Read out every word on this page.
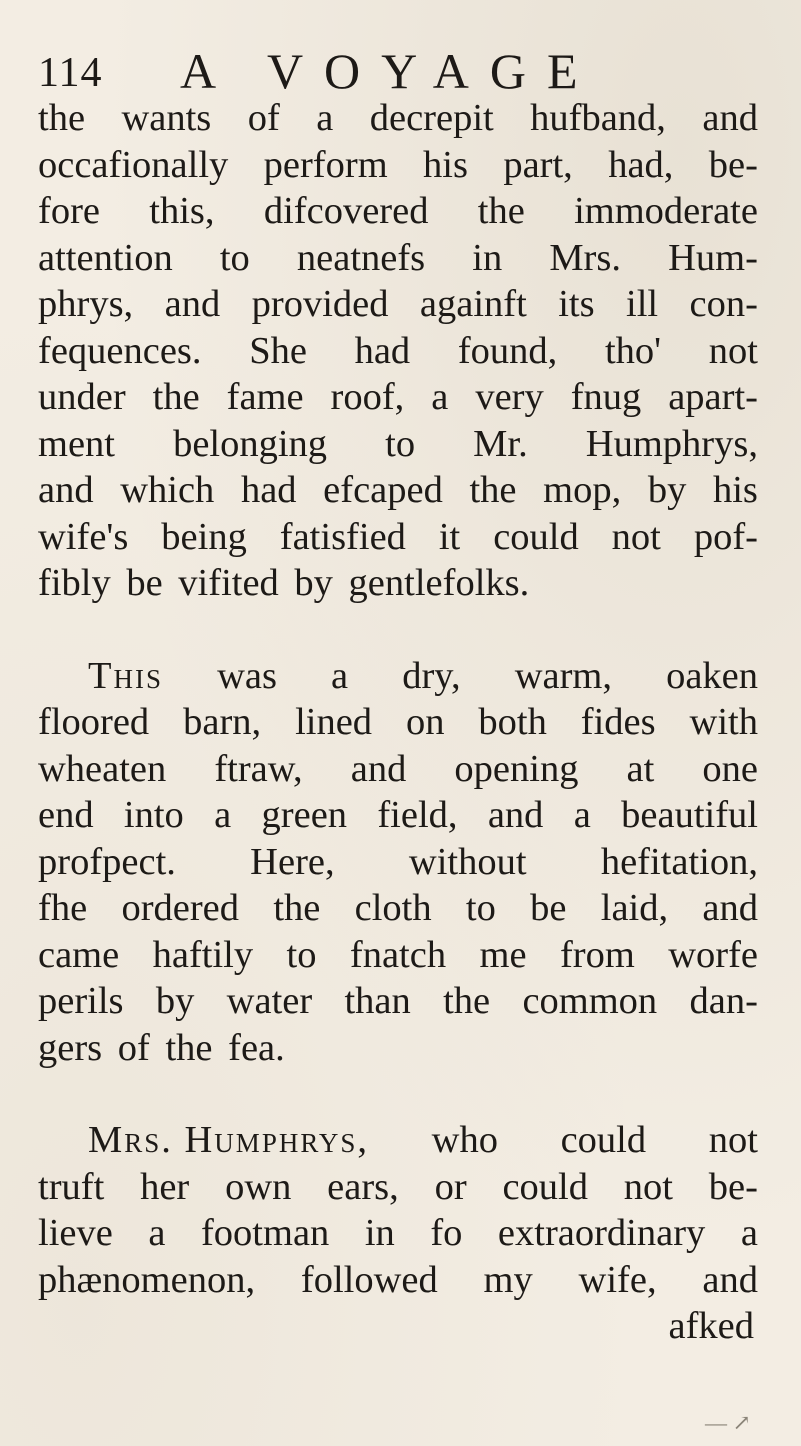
114 A VOYAGE
the wants of a decrepit hufband, and
occafionally perform his part, had, be-
fore this, difcovered the immoderate
attention to neatnefs in Mrs. Hum-
phrys, and provided againft its ill con-
fequences. She had found, tho' not
under the fame roof, a very fnug apart-
ment belonging to Mr. Humphrys,
and which had efcaped the mop, by his
wife's being fatisfied it could not pof-
fibly be vifited by gentlefolks.
This was a dry, warm, oaken
floored barn, lined on both fides with
wheaten ftraw, and opening at one
end into a green field, and a beautiful
profpect. Here, without hefitation,
fhe ordered the cloth to be laid, and
came haftily to fnatch me from worfe
perils by water than the common dan-
gers of the fea.
Mrs. Humphrys, who could not
truft her own ears, or could not be-
lieve a footman in fo extraordinary a
phænomenon, followed my wife, and
afked
— ↗
